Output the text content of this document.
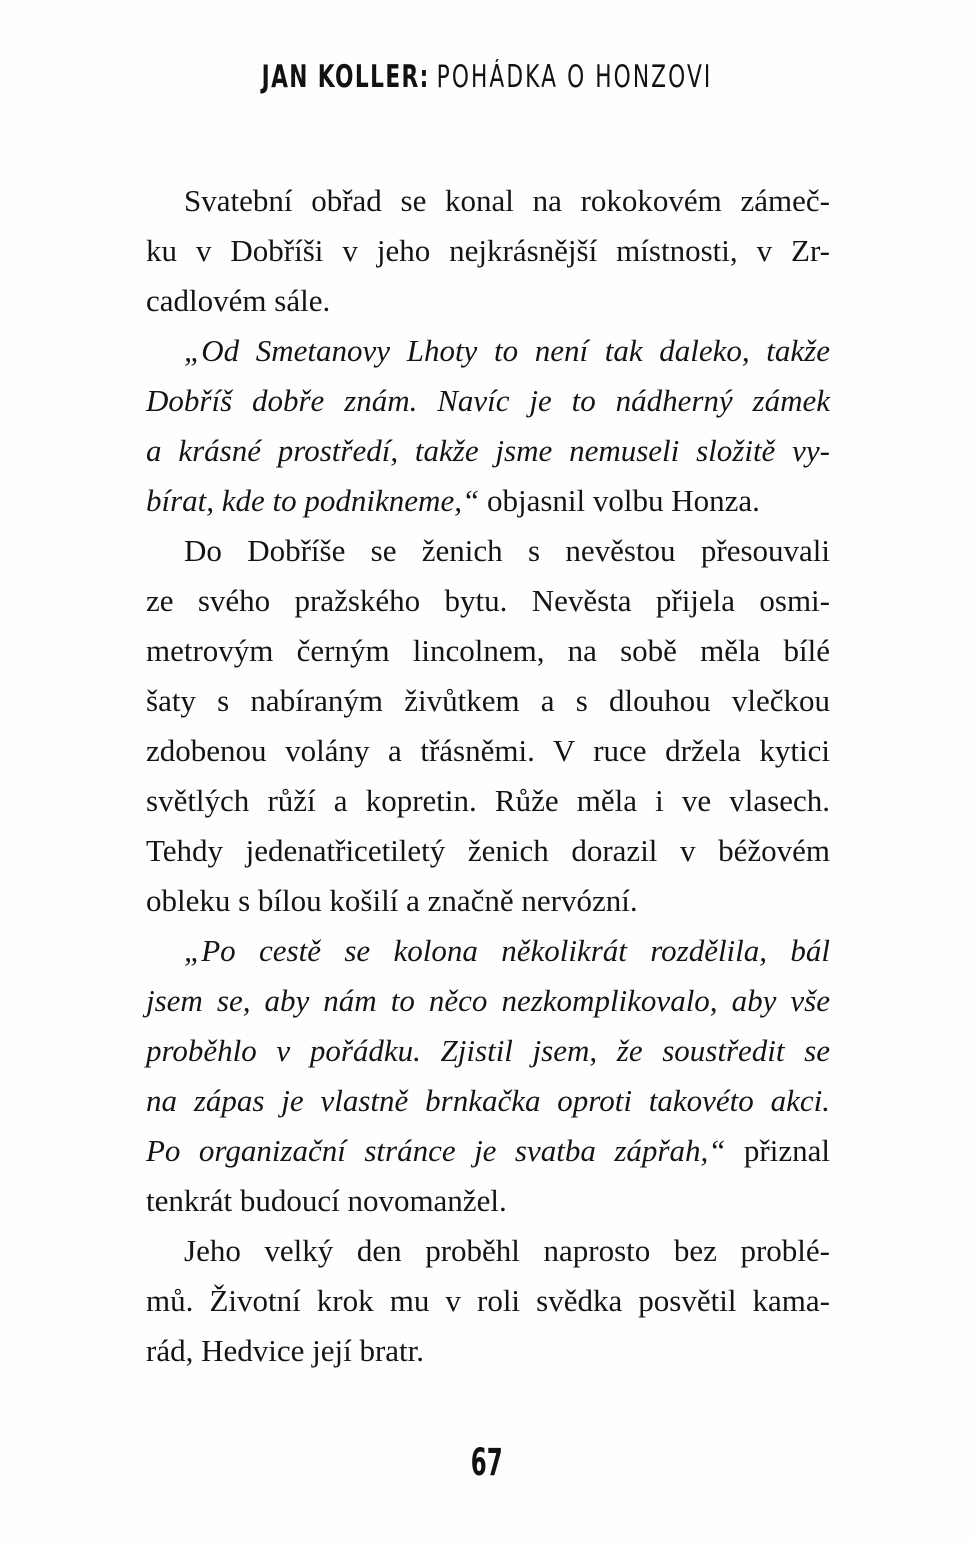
JAN KOLLER: POHÁDKA O HONZOVI
Svatební obřad se konal na rokokovém zámeč-
ku v Dobříši v jeho nejkrásnější místnosti, v Zr-
cadlovém sále.
„Od Smetanovy Lhoty to není tak daleko, takže
Dobříš dobře znám. Navíc je to nádherný zámek
a krásné prostředí, takže jsme nemuseli složitě vy-
bírat, kde to podnikneme,“ objasnil volbu Honza.
Do Dobříše se ženich s nevěstou přesouvali
ze svého pražského bytu. Nevěsta přijela osmi-
metrovým černým lincolnem, na sobě měla bílé
šaty s nabíraným živůtkem a s dlouhou vlečkou
zdobenou volány a třásněmi. V ruce držela kytici
světlých růží a kopretin. Růže měla i ve vlasech.
Tehdy jedenatřicetiletý ženich dorazil v béžovém
obleku s bílou košilí a značně nervózní.
„Po cestě se kolona několikrát rozdělila, bál
jsem se, aby nám to něco nezkomplikovalo, aby vše
proběhlo v pořádku. Zjistil jsem, že soustředit se
na zápas je vlastně brnkačka oproti takovéto akci.
Po organizační stránce je svatba zápřah,“ přiznal
tenkrát budoucí novomanžel.
Jeho velký den proběhl naprosto bez problé-
mů. Životní krok mu v roli svědka posvětil kama-
rád, Hedvice její bratr.
67
